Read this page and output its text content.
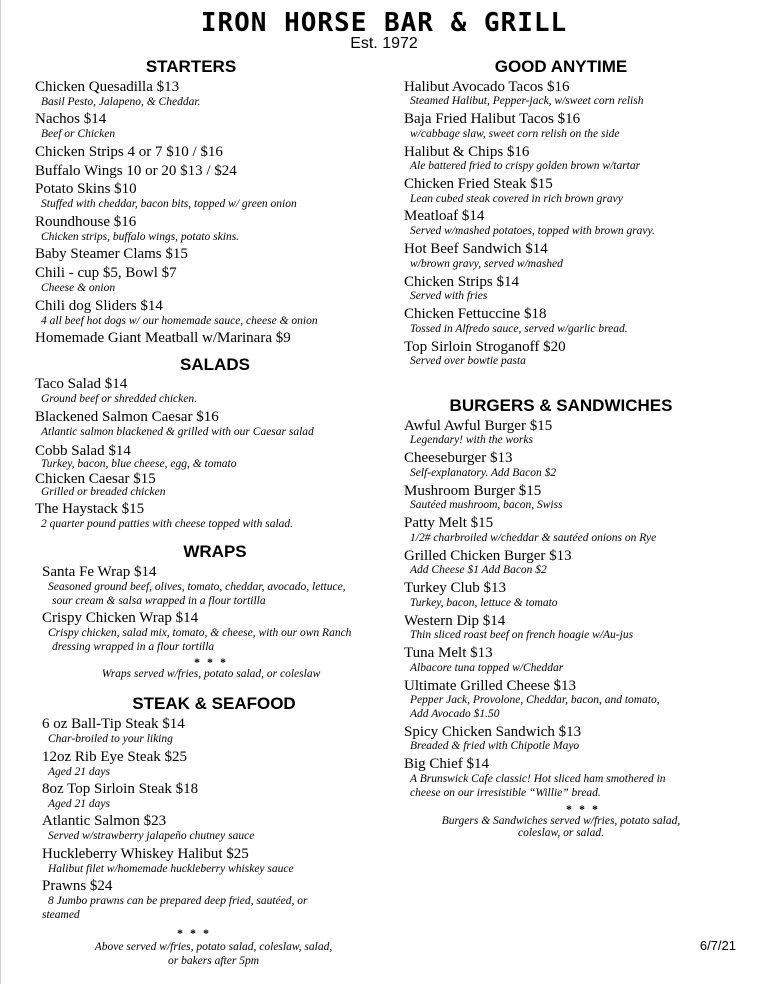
IRON HORSE BAR & GRILL
Est. 1972
STARTERS
Chicken Quesadilla $13
Basil Pesto, Jalapeno, & Cheddar.
Nachos $14
Beef or Chicken
Chicken Strips 4 or 7 $10 / $16
Buffalo Wings 10 or 20 $13 / $24
Potato Skins $10
Stuffed with cheddar, bacon bits, topped w/ green onion
Roundhouse $16
Chicken strips, buffalo wings, potato skins.
Baby Steamer Clams $15
Chili - cup $5, Bowl $7
Cheese & onion
Chili dog Sliders $14
4 all beef hot dogs w/ our homemade sauce, cheese & onion
Homemade Giant Meatball w/Marinara $9
SALADS
Taco Salad $14
Ground beef or shredded chicken.
Blackened Salmon Caesar $16
Atlantic salmon blackened & grilled with our Caesar salad
Cobb Salad $14
Turkey, bacon, blue cheese, egg, & tomato
Chicken Caesar $15
Grilled or breaded chicken
The Haystack $15
2 quarter pound patties with cheese topped with salad.
WRAPS
Santa Fe Wrap $14
Seasoned ground beef, olives, tomato, cheddar, avocado, lettuce,
sour cream & salsa wrapped in a flour tortilla
Crispy Chicken Wrap $14
Crispy chicken, salad mix, tomato, & cheese, with our own Ranch
dressing wrapped in a flour tortilla
* * *
Wraps served w/fries, potato salad, or coleslaw
STEAK & SEAFOOD
6 oz Ball-Tip Steak $14
Char-broiled to your liking
12oz Rib Eye Steak $25
Aged 21 days
8oz Top Sirloin Steak $18
Aged 21 days
Atlantic Salmon $23
Served w/strawberry jalapeño chutney sauce
Huckleberry Whiskey Halibut $25
Halibut filet w/homemade huckleberry whiskey sauce
Prawns $24
8 Jumbo prawns can be prepared deep fried, sautéed, or
steamed
* * *
Above served w/fries, potato salad, coleslaw, salad,
or bakers after 5pm
GOOD ANYTIME
Halibut Avocado Tacos $16
Steamed Halibut, Pepper-jack, w/sweet corn relish
Baja Fried Halibut Tacos $16
w/cabbage slaw, sweet corn relish on the side
Halibut & Chips $16
Ale battered fried to crispy golden brown w/tartar
Chicken Fried Steak $15
Lean cubed steak covered in rich brown gravy
Meatloaf $14
Served w/mashed potatoes, topped with brown gravy.
Hot Beef Sandwich $14
w/brown gravy, served w/mashed
Chicken Strips $14
Served with fries
Chicken Fettuccine $18
Tossed in Alfredo sauce, served w/garlic bread.
Top Sirloin Stroganoff $20
Served over bowtie pasta
BURGERS & SANDWICHES
Awful Awful Burger $15
Legendary! with the works
Cheeseburger $13
Self-explanatory. Add Bacon $2
Mushroom Burger $15
Sautéed mushroom, bacon, Swiss
Patty Melt $15
1/2# charbroiled w/cheddar & sautéed onions on Rye
Grilled Chicken Burger $13
Add Cheese $1 Add Bacon $2
Turkey Club $13
Turkey, bacon, lettuce & tomato
Western Dip $14
Thin sliced roast beef on french hoagie w/Au-jus
Tuna Melt $13
Albacore tuna topped w/Cheddar
Ultimate Grilled Cheese $13
Pepper Jack, Provolone, Cheddar, bacon, and tomato,
Add Avocado $1.50
Spicy Chicken Sandwich $13
Breaded & fried with Chipotle Mayo
Big Chief $14
A Brunswick Cafe classic! Hot sliced ham smothered in
cheese on our irresistible “Willie” bread.
* * *
Burgers & Sandwiches served w/fries, potato salad,
coleslaw, or salad.
6/7/21
